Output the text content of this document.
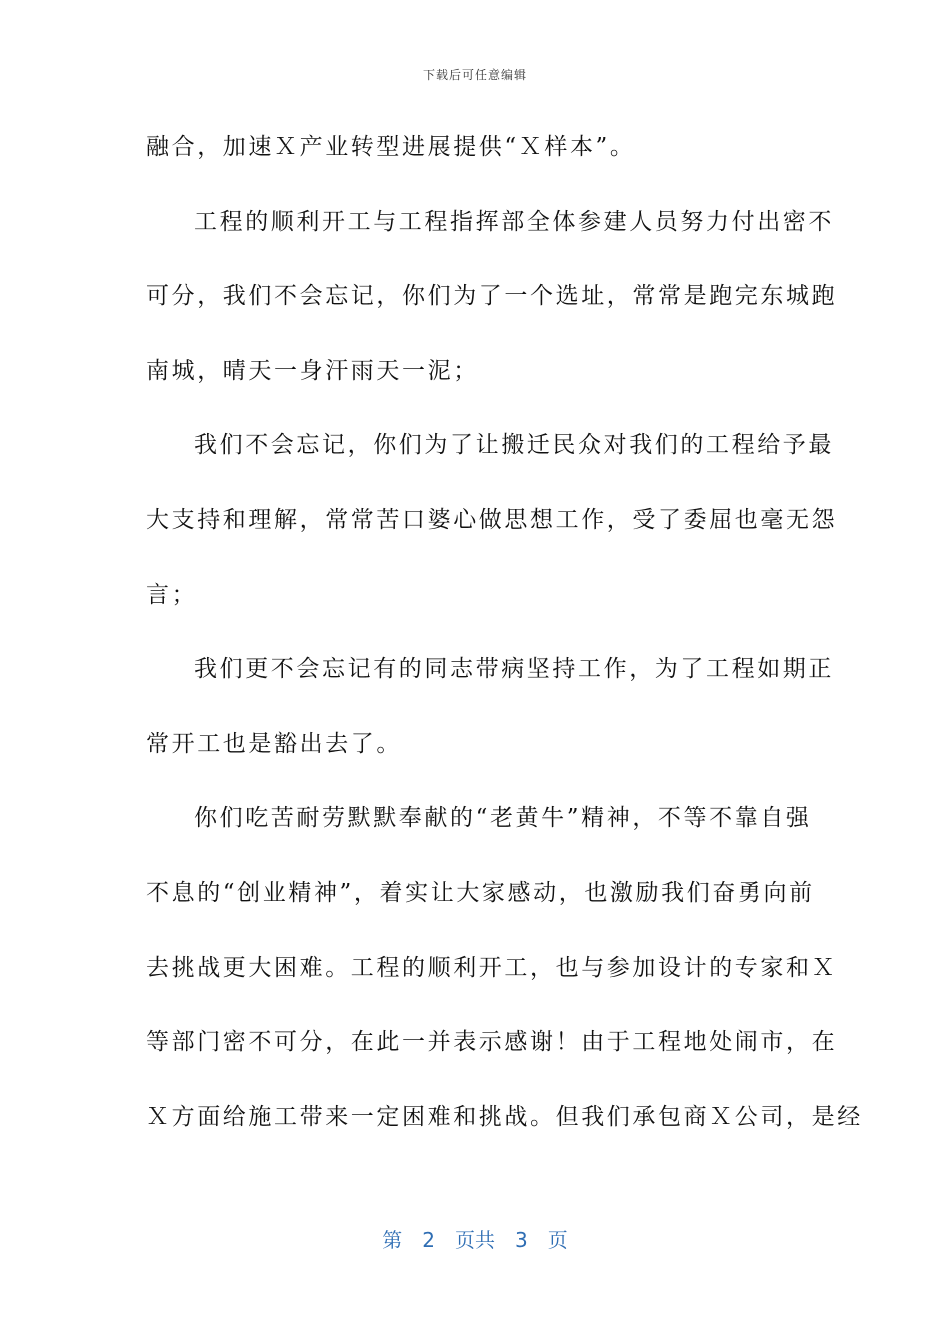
下载后可任意编辑
融合，加速Ｘ产业转型进展提供“Ｘ样本”。
工程的顺利开工与工程指挥部全体参建人员努力付出密不
可分，我们不会忘记，你们为了一个选址，常常是跑完东城跑
南城，晴天一身汗雨天一泥；
我们不会忘记，你们为了让搬迁民众对我们的工程给予最
大支持和理解，常常苦口婆心做思想工作，受了委屈也毫无怨
言；
我们更不会忘记有的同志带病坚持工作，为了工程如期正
常开工也是豁出去了。
你们吃苦耐劳默默奉献的“老黄牛”精神，不等不靠自强
不息的“创业精神”，着实让大家感动，也激励我们奋勇向前
去挑战更大困难。工程的顺利开工，也与参加设计的专家和Ｘ
等部门密不可分，在此一并表示感谢！由于工程地处闹市，在
Ｘ方面给施工带来一定困难和挑战。但我们承包商Ｘ公司，是经
第 2 页共 3 页
